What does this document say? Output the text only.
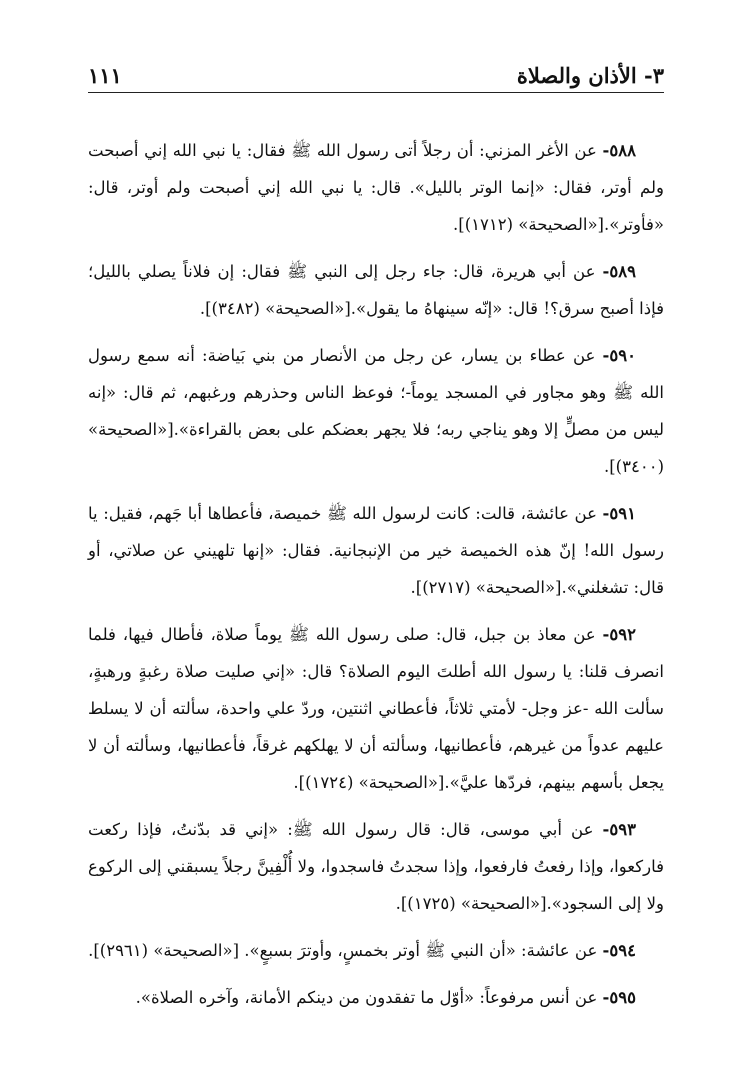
٣- الأذان والصلاة
١١١

٥٨٨- عن الأغر المزني: أن رجلاً أتى رسول الله ﷺ فقال: يا نبي الله إني أصبحت ولم أوتر، فقال: «إنما الوتر بالليل». قال: يا نبي الله إني أصبحت ولم أوتر، قال: «فأوتر».[«الصحيحة» (١٧١٢)].

٥٨٩- عن أبي هريرة، قال: جاء رجل إلى النبي ﷺ فقال: إن فلاناً يصلي بالليل؛ فإذا أصبح سرق؟! قال: «إنّه سينهاهُ ما يقول».[«الصحيحة» (٣٤٨٢)].

٥٩٠- عن عطاء بن يسار، عن رجل من الأنصار من بني بَياضة: أنه سمع رسول الله ﷺ وهو مجاور في المسجد يوماً-؛ فوعظ الناس وحذرهم ورغبهم، ثم قال: «إنه ليس من مصلٍّ إلا وهو يناجي ربه؛ فلا يجهر بعضكم على بعض بالقراءة».[«الصحيحة» (٣٤٠٠)].

٥٩١- عن عائشة، قالت: كانت لرسول الله ﷺ خميصة، فأعطاها أبا جَهم، فقيل: يا رسول الله! إنّ هذه الخميصة خير من الإنبجانية. فقال: «إنها تلهيني عن صلاتي، أو قال: تشغلني».[«الصحيحة» (٢٧١٧)].

٥٩٢- عن معاذ بن جبل، قال: صلى رسول الله ﷺ يوماً صلاة، فأطال فيها، فلما انصرف قلنا: يا رسول الله أطلتَ اليوم الصلاة؟ قال: «إني صليت صلاة رغبةٍ ورهبةٍ، سألت الله -عز وجل- لأمتي ثلاثاً، فأعطاني اثنتين، وردّ علي واحدة، سألته أن لا يسلط عليهم عدواً من غيرهم، فأعطانيها، وسألته أن لا يهلكهم غرقاً، فأعطانيها، وسألته أن لا يجعل بأسهم بينهم، فردّها عليَّ».[«الصحيحة» (١٧٢٤)].

٥٩٣- عن أبي موسى، قال: قال رسول الله ﷺ: «إني قد بدّنتُ، فإذا ركعت فاركعوا، وإذا رفعتُ فارفعوا، وإذا سجدتُ فاسجدوا، ولا أُلْفِينَّ رجلاً يسبقني إلى الركوع ولا إلى السجود».[«الصحيحة» (١٧٢٥)].

٥٩٤- عن عائشة: «أن النبي ﷺ أوتر بخمسٍ، وأوترَ بسبعٍ». [«الصحيحة» (٢٩٦١)].

٥٩٥- عن أنس مرفوعاً: «أوّل ما تفقدون من دينكم الأمانة، وآخره الصلاة».
